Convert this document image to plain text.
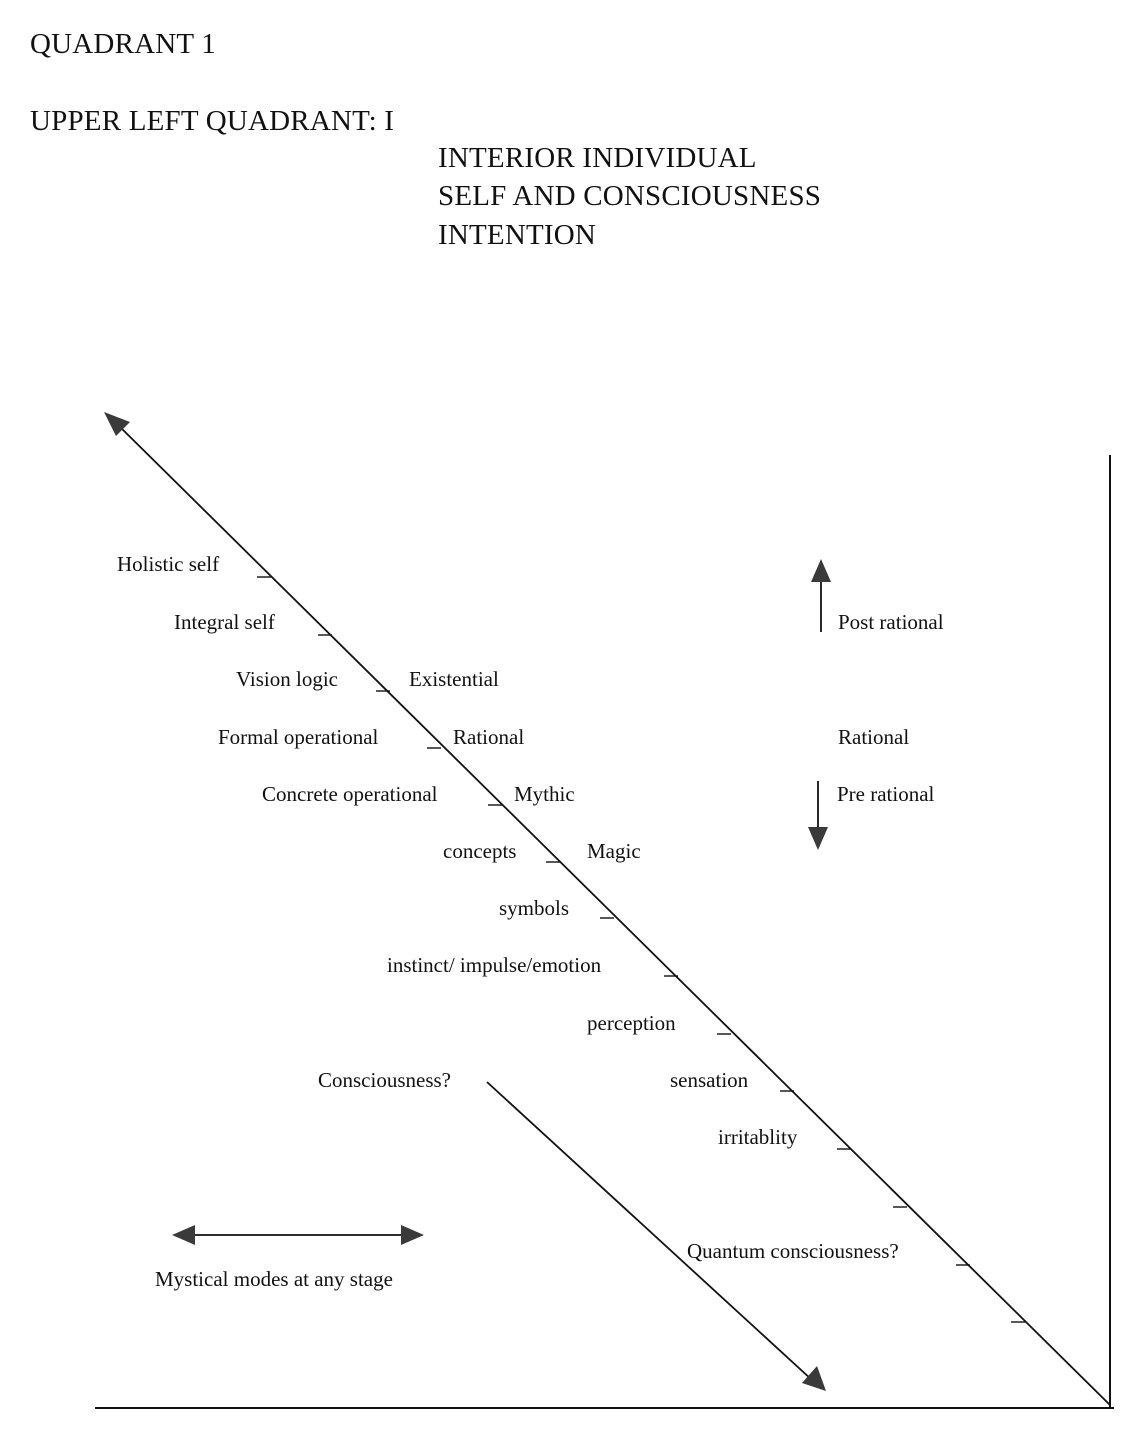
QUADRANT 1
UPPER LEFT QUADRANT: I
INTERIOR INDIVIDUAL
SELF AND CONSCIOUSNESS
INTENTION
Holistic self
Integral self
Vision logic
Formal operational
Concrete operational
concepts
symbols
instinct/ impulse/emotion
perception
sensation
irritablity
Existential
Rational
Mythic
Magic
Quantum consciousness?
Consciousness?
Post rational
Rational
Pre rational
Mystical modes at any stage
